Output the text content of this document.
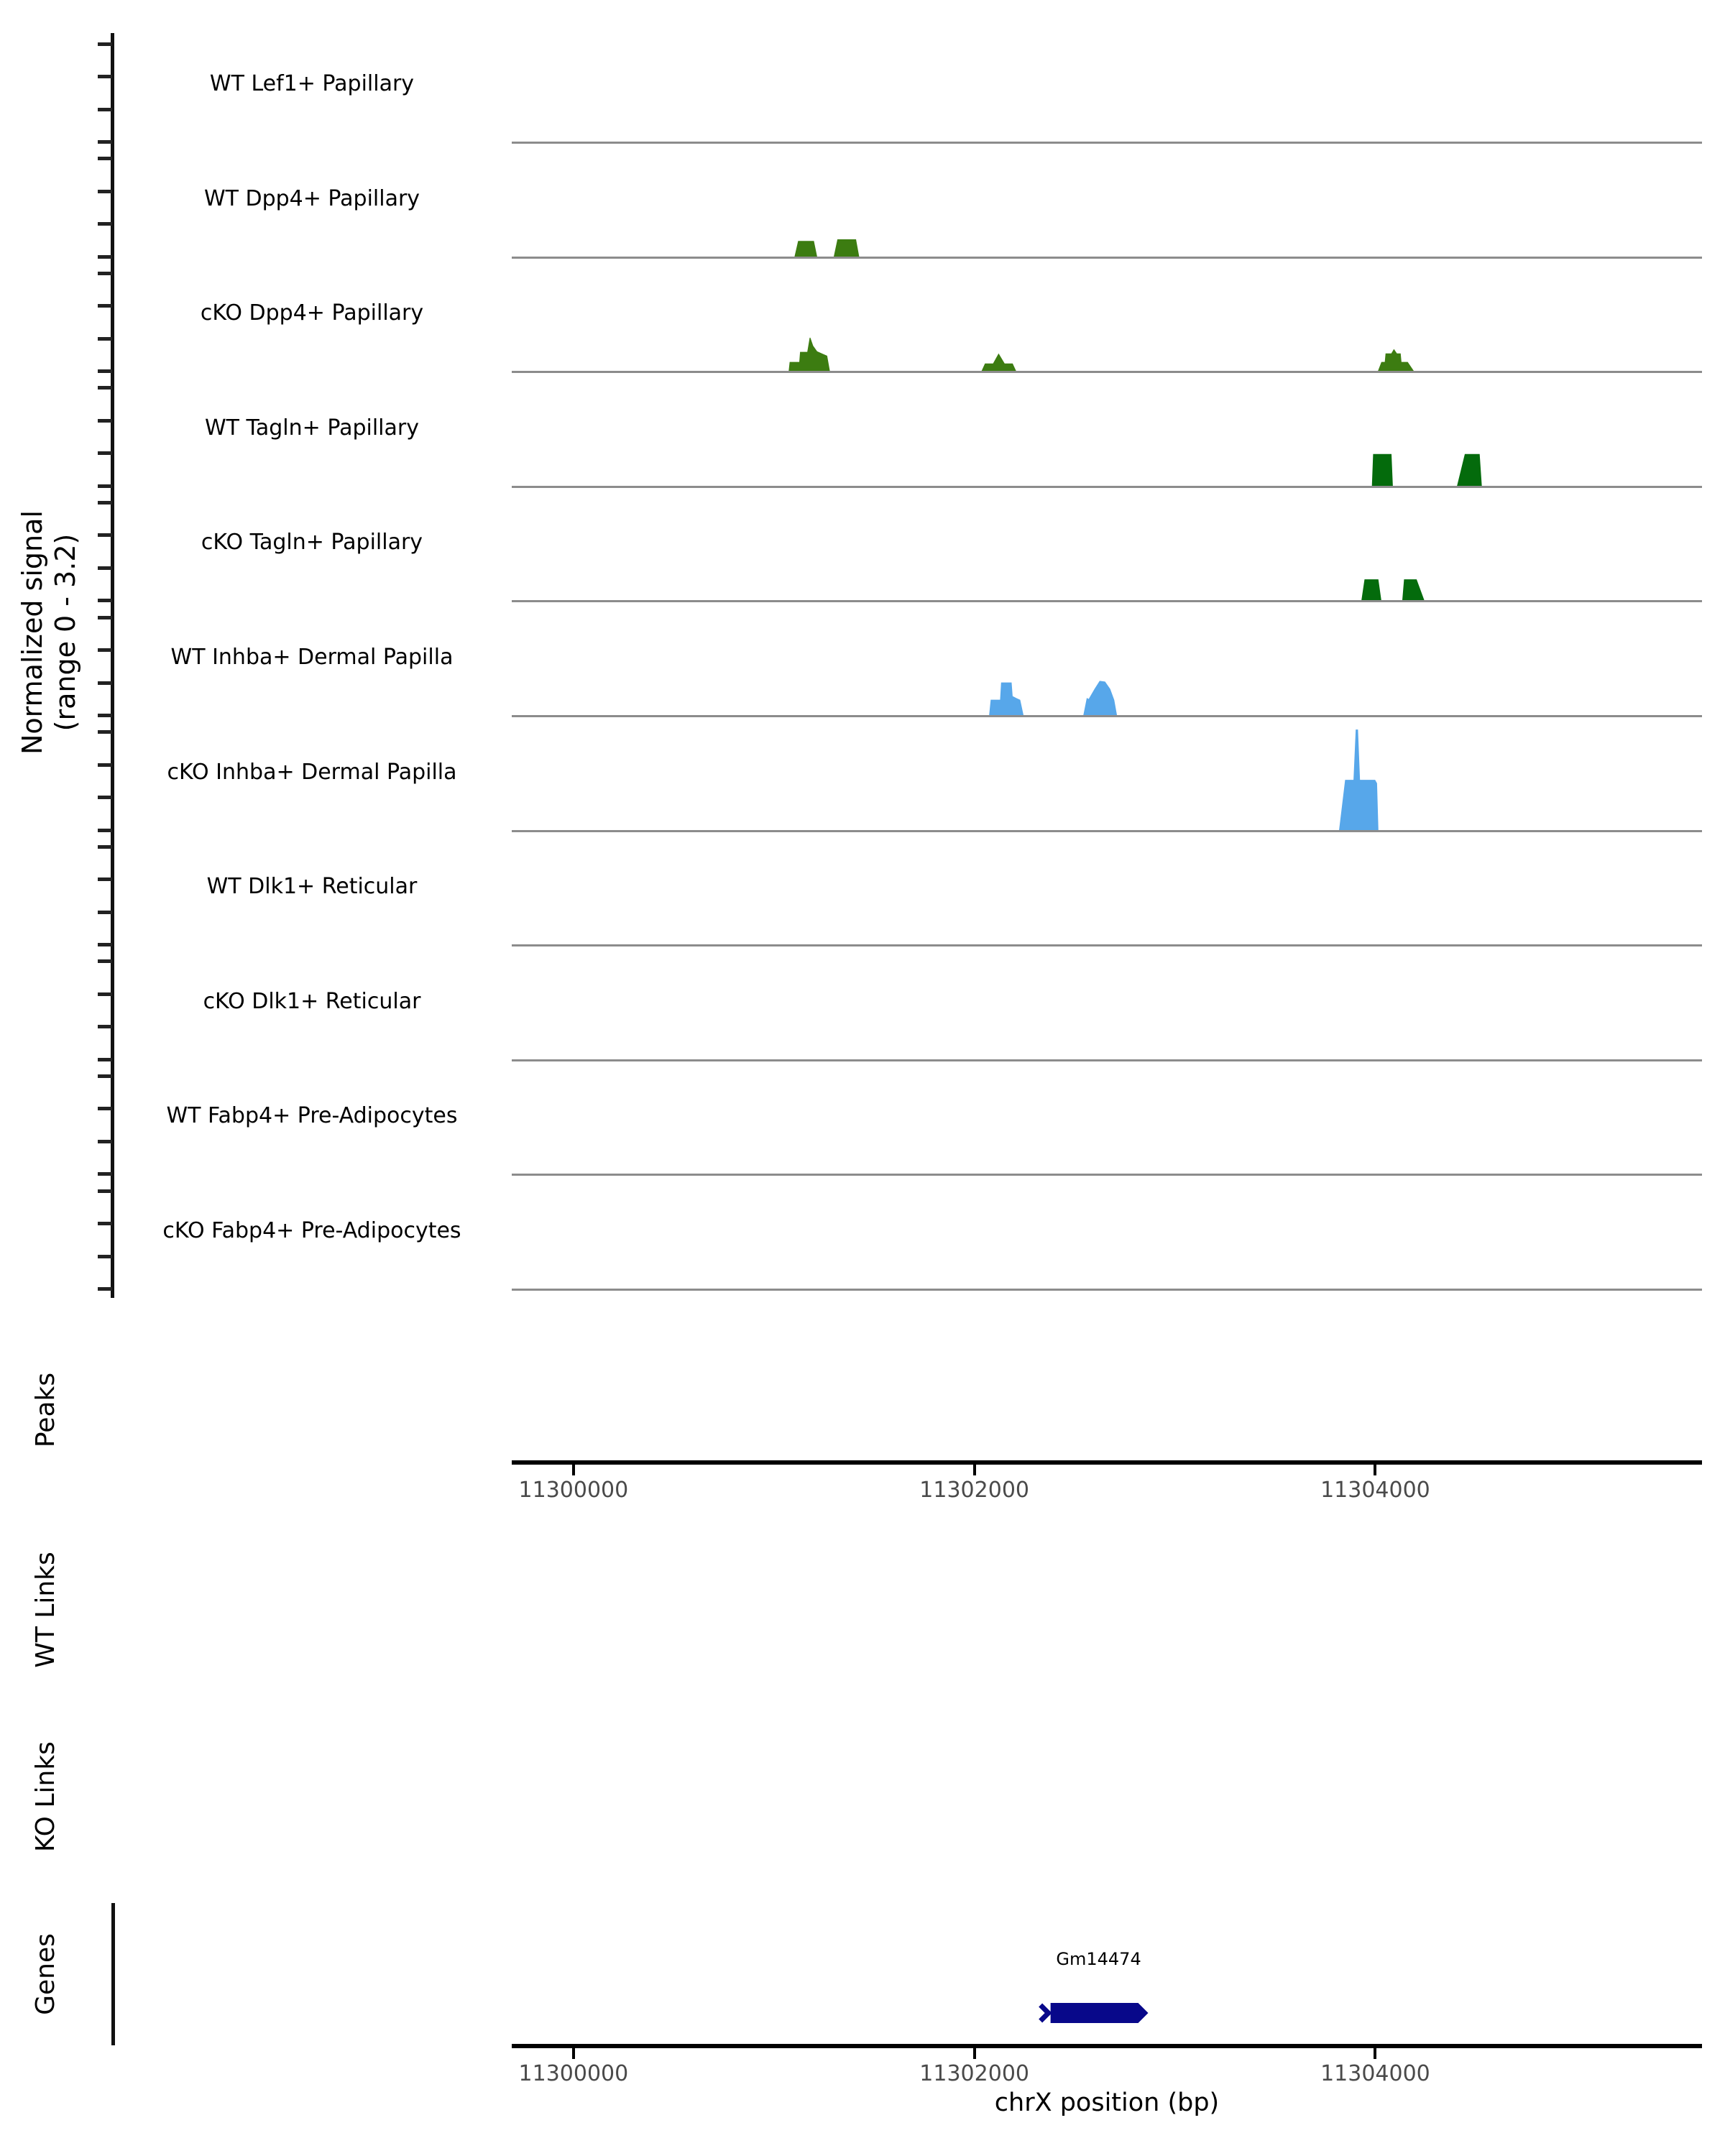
Normalized signal (range 0 - 3.2)
WT Lef1+ Papillary
WT Dpp4+ Papillary
cKO Dpp4+ Papillary
WT Tagln+ Papillary
cKO Tagln+ Papillary
WT Inhba+ Dermal Papilla
cKO Inhba+ Dermal Papilla
WT Dlk1+ Reticular
cKO Dlk1+ Reticular
WT Fabp4+ Pre-Adipocytes
cKO Fabp4+ Pre-Adipocytes
Peaks
WT Links
KO Links
Genes	Gm14474
11300000	11302000	11304000
11300000	11302000	11304000
chrX position (bp)
